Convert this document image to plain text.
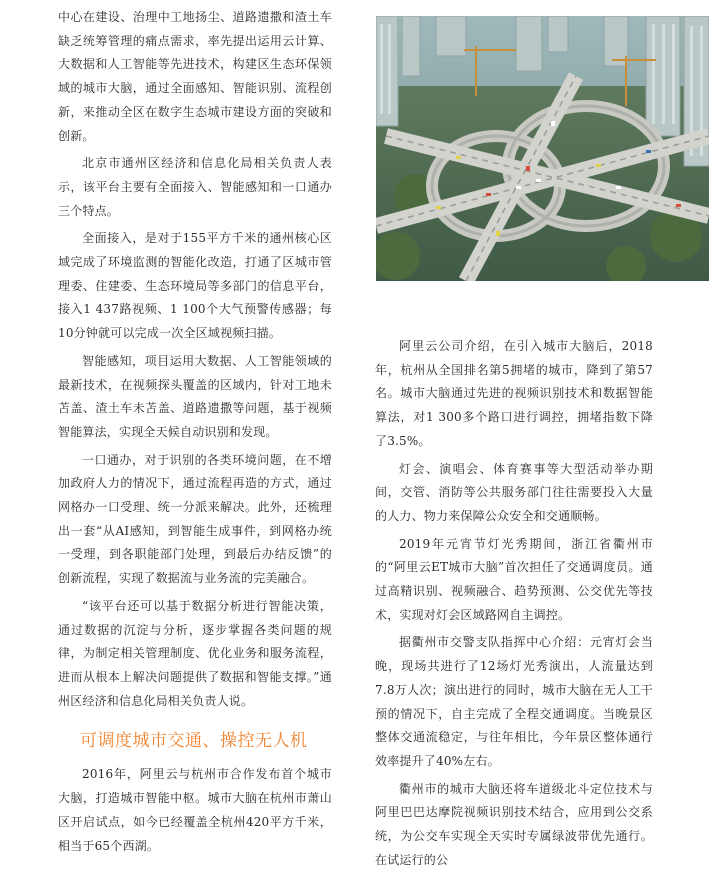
中心在建设、治理中工地扬尘、道路遗撒和渣土车缺乏统筹管理的痛点需求，率先提出运用云计算、大数据和人工智能等先进技术，构建区生态环保领域的城市大脑，通过全面感知、智能识别、流程创新，来推动全区在数字生态城市建设方面的突破和创新。

北京市通州区经济和信息化局相关负责人表示，该平台主要有全面接入、智能感知和一口通办三个特点。

全面接入，是对于155平方千米的通州核心区域完成了环境监测的智能化改造，打通了区城市管理委、住建委、生态环境局等多部门的信息平台，接入1 437路视频、1 100个大气预警传感器；每10分钟就可以完成一次全区域视频扫描。

智能感知，项目运用大数据、人工智能领域的最新技术，在视频探头覆盖的区域内，针对工地未苫盖、渣土车未苫盖、道路遗撒等问题，基于视频智能算法，实现全天候自动识别和发现。

一口通办，对于识别的各类环境问题，在不增加政府人力的情况下，通过流程再造的方式，通过网格办一口受理、统一分派来解决。此外，还梳理出一套“从AI感知，到智能生成事件，到网格办统一受理，到各职能部门处理，到最后办结反馈”的创新流程，实现了数据流与业务流的完美融合。

“该平台还可以基于数据分析进行智能决策，通过数据的沉淀与分析，逐步掌握各类问题的规律，为制定相关管理制度、优化业务和服务流程，进而从根本上解决问题提供了数据和智能支撑。”通州区经济和信息化局相关负责人说。

可调度城市交通、操控无人机

2016年，阿里云与杭州市合作发布首个城市大脑，打造城市智能中枢。城市大脑在杭州市萧山区开启试点，如今已经覆盖全杭州420平方千米，相当于65个西湖。

阿里云公司介绍，在引入城市大脑后，2018年，杭州从全国排名第5拥堵的城市，降到了第57名。城市大脑通过先进的视频识别技术和数据智能算法，对1 300多个路口进行调控，拥堵指数下降了3.5%。

灯会、演唱会、体育赛事等大型活动举办期间，交管、消防等公共服务部门往往需要投入大量的人力、物力来保障公众安全和交通顺畅。

2019年元宵节灯光秀期间，浙江省衢州市的“阿里云ET城市大脑”首次担任了交通调度员。通过高精识别、视频融合、趋势预测、公交优先等技术，实现对灯会区域路网自主调控。

据衢州市交警支队指挥中心介绍：元宵灯会当晚，现场共进行了12场灯光秀演出，人流量达到7.8万人次；演出进行的同时，城市大脑在无人工干预的情况下，自主完成了全程交通调度。当晚景区整体交通流稳定，与往年相比，今年景区整体通行效率提升了40%左右。

衢州市的城市大脑还将车道级北斗定位技术与阿里巴巴达摩院视频识别技术结合，应用到公交系统，为公交车实现全天实时专属绿波带优先通行。在试运行的公
